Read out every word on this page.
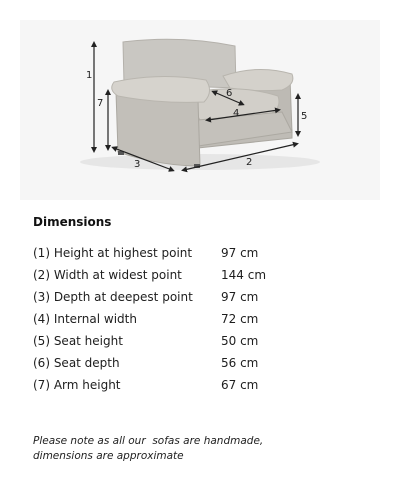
1
2
3
4	5
6
7
Dimensions
(1) Height at highest point 97 cm
(2) Width at widest point	144 cm
(3) Depth at deepest point 97 cm
(4) Internal width	72 cm
(5) Seat height	50 cm
(6) Seat depth	56 cm
(7) Arm height	67 cm
Please note as all our  sofas are handmade,
dimensions are approximate
